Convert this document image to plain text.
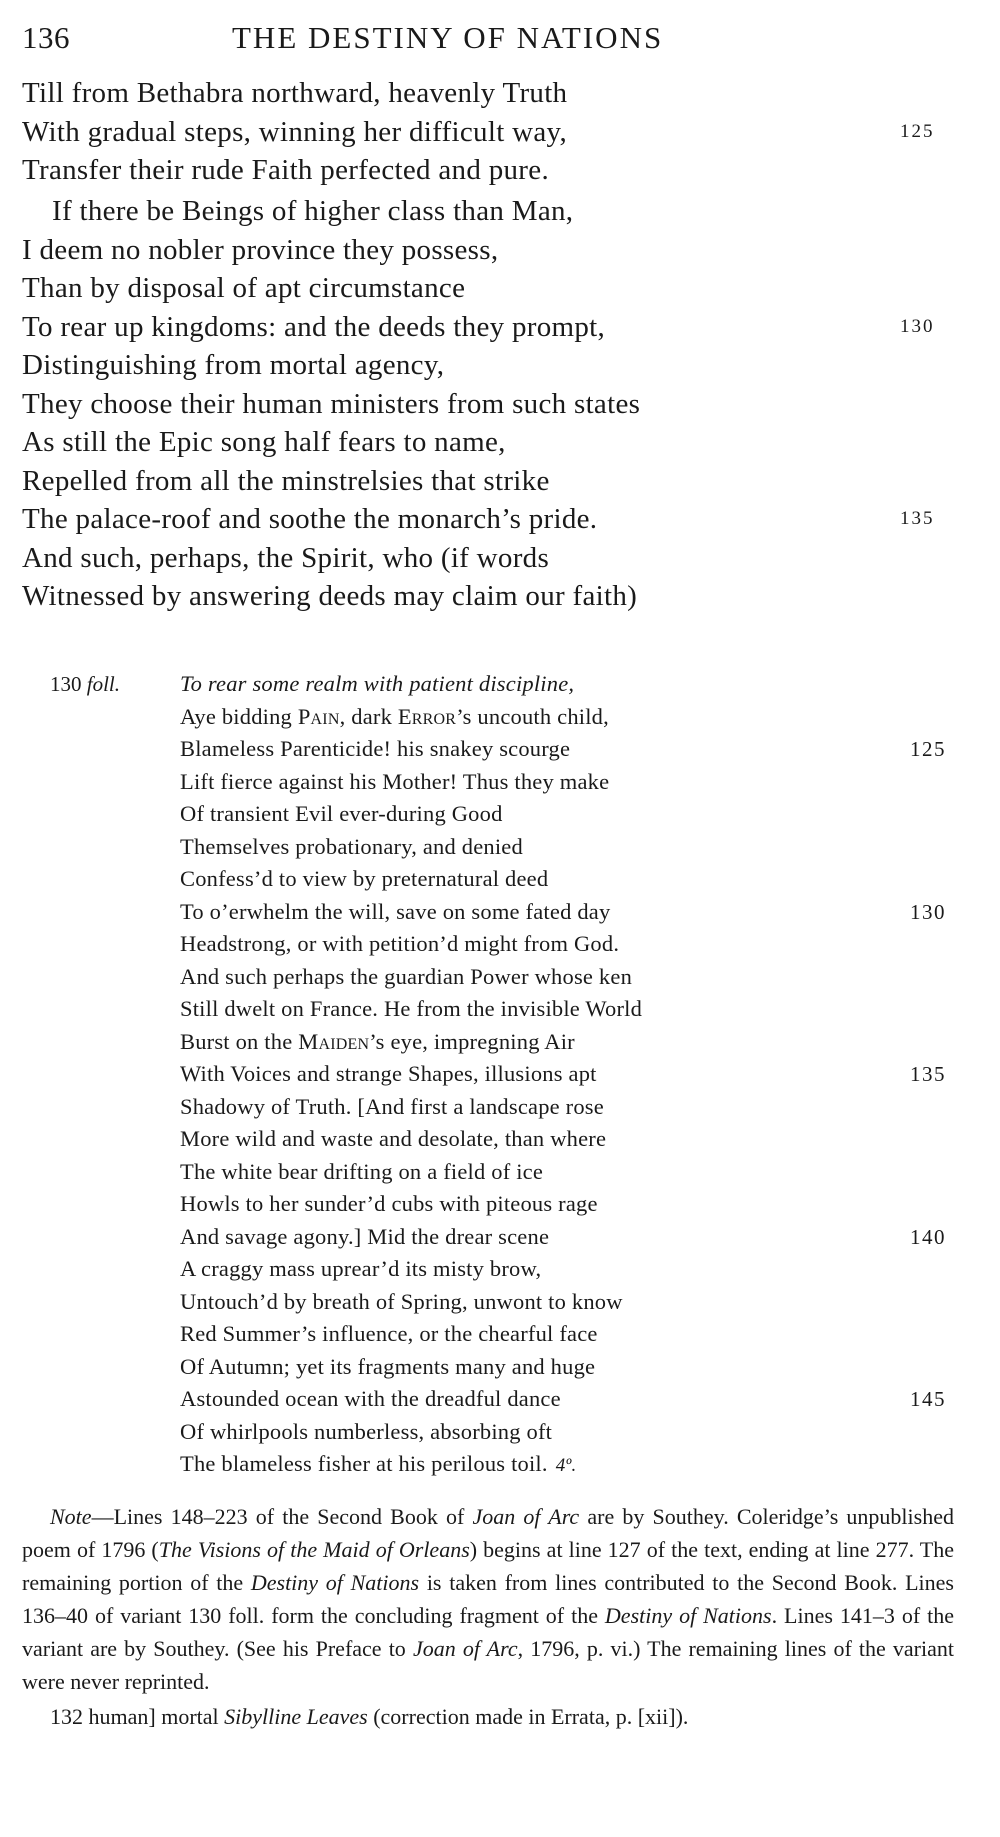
136	THE DESTINY OF NATIONS
Till from Bethabra northward, heavenly Truth
With gradual steps, winning her difficult way,	125
Transfer their rude Faith perfected and pure.
If there be Beings of higher class than Man,
I deem no nobler province they possess,
Than by disposal of apt circumstance
To rear up kingdoms: and the deeds they prompt,	130
Distinguishing from mortal agency,
They choose their human ministers from such states
As still the Epic song half fears to name,
Repelled from all the minstrelsies that strike
The palace-roof and soothe the monarch’s pride.	135
And such, perhaps, the Spirit, who (if words
Witnessed by answering deeds may claim our faith)
130 foll.	To rear some realm with patient discipline,
Aye bidding Pain, dark Error’s uncouth child,
Blameless Parenticide! his snakey scourge	125
Lift fierce against his Mother! Thus they make
Of transient Evil ever-during Good
Themselves probationary, and denied
Confess’d to view by preternatural deed
To o’erwhelm the will, save on some fated day	130
Headstrong, or with petition’d might from God.
And such perhaps the guardian Power whose ken
Still dwelt on France. He from the invisible World
Burst on the Maiden’s eye, impregning Air
With Voices and strange Shapes, illusions apt	135
Shadowy of Truth. [And first a landscape rose
More wild and waste and desolate, than where
The white bear drifting on a field of ice
Howls to her sunder’d cubs with piteous rage
And savage agony.] Mid the drear scene	140
A craggy mass uprear’d its misty brow,
Untouch’d by breath of Spring, unwont to know
Red Summer’s influence, or the chearful face
Of Autumn; yet its fragments many and huge
Astounded ocean with the dreadful dance	145
Of whirlpools numberless, absorbing oft
The blameless fisher at his perilous toil. 4º.

Note—Lines 148–223 of the Second Book of Joan of Arc are by Southey. Coleridge’s unpublished poem of 1796 (The Visions of the Maid of Orleans) begins at line 127 of the text, ending at line 277. The remaining portion of the Destiny of Nations is taken from lines contributed to the Second Book. Lines 136–40 of variant 130 foll. form the concluding fragment of the Destiny of Nations. Lines 141–3 of the variant are by Southey. (See his Preface to Joan of Arc, 1796, p. vi.) The remaining lines of the variant were never reprinted.

132 human] mortal Sibylline Leaves (correction made in Errata, p. [xii]).
